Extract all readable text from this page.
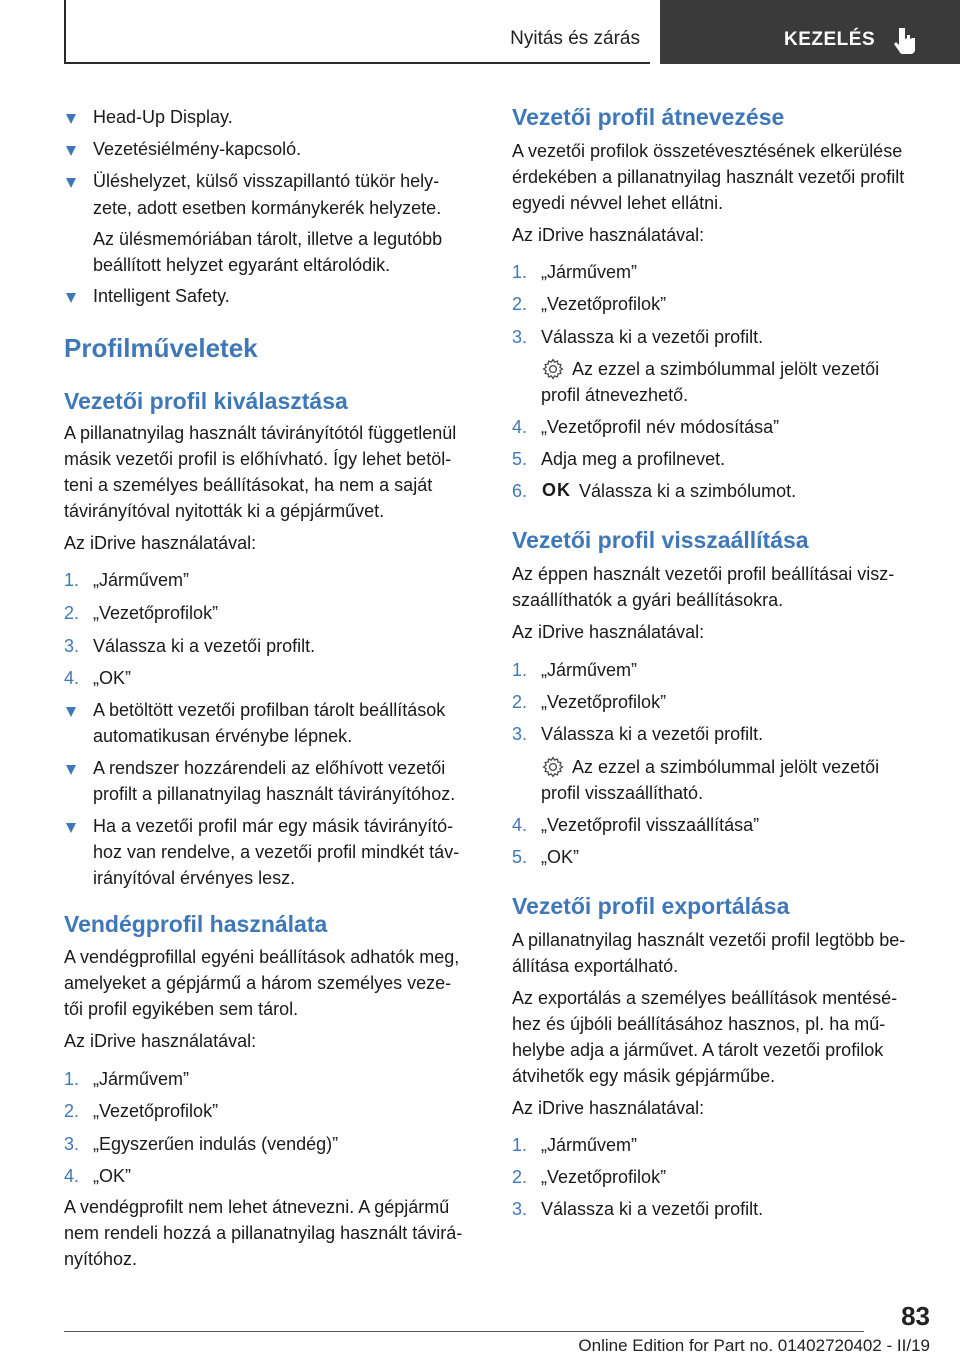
Nyitás és zárás	KEZELÉS
Head-Up Display.
Vezetésiélmény-kapcsoló.
Üléshelyzet, külső visszapillantó tükör hely-
zete, adott esetben kormánykerék helyzete.
Az ülésmemóriában tárolt, illetve a legutóbb
beállított helyzet egyaránt eltárolódik.
Intelligent Safety.
Profilműveletek
Vezetői profil kiválasztása
A pillanatnyilag használt távirányítótól függetlenül
másik vezetői profil is előhívható. Így lehet betöl-
teni a személyes beállításokat, ha nem a saját
távirányítóval nyitották ki a gépjárművet.
Az iDrive használatával:
1. „Járművem”
2. „Vezetőprofilok”
3. Válassza ki a vezetői profilt.
4. „OK”
A betöltött vezetői profilban tárolt beállítások
automatikusan érvénybe lépnek.
A rendszer hozzárendeli az előhívott vezetői
profilt a pillanatnyilag használt távirányítóhoz.
Ha a vezetői profil már egy másik távirányító-
hoz van rendelve, a vezetői profil mindkét táv-
irányítóval érvényes lesz.
Vendégprofil használata
A vendégprofillal egyéni beállítások adhatók meg,
amelyeket a gépjármű a három személyes veze-
tői profil egyikében sem tárol.
Az iDrive használatával:
1. „Járművem”
2. „Vezetőprofilok”
3. „Egyszerűen indulás (vendég)”
4. „OK”
A vendégprofilt nem lehet átnevezni. A gépjármű
nem rendeli hozzá a pillanatnyilag használt távirá-
nyítóhoz.
Vezetői profil átnevezése
A vezetői profilok összetévesztésének elkerülése
érdekében a pillanatnyilag használt vezetői profilt
egyedi névvel lehet ellátni.
Az iDrive használatával:
1. „Járművem”
2. „Vezetőprofilok”
3. Válassza ki a vezetői profilt.
Az ezzel a szimbólummal jelölt vezetői
profil átnevezhető.
4. „Vezetőprofil név módosítása”
5. Adja meg a profilnevet.
6. OK Válassza ki a szimbólumot.
Vezetői profil visszaállítása
Az éppen használt vezetői profil beállításai visz-
szaállíthatók a gyári beállításokra.
Az iDrive használatával:
1. „Járművem”
2. „Vezetőprofilok”
3. Válassza ki a vezetői profilt.
Az ezzel a szimbólummal jelölt vezetői
profil visszaállítható.
4. „Vezetőprofil visszaállítása”
5. „OK”
Vezetői profil exportálása
A pillanatnyilag használt vezetői profil legtöbb be-
állítása exportálható.
Az exportálás a személyes beállítások mentésé-
hez és újbóli beállításához hasznos, pl. ha mű-
helybe adja a járművet. A tárolt vezetői profilok
átvihetők egy másik gépjárműbe.
Az iDrive használatával:
1. „Járművem”
2. „Vezetőprofilok”
3. Válassza ki a vezetői profilt.
83
Online Edition for Part no. 01402720402 - II/19
